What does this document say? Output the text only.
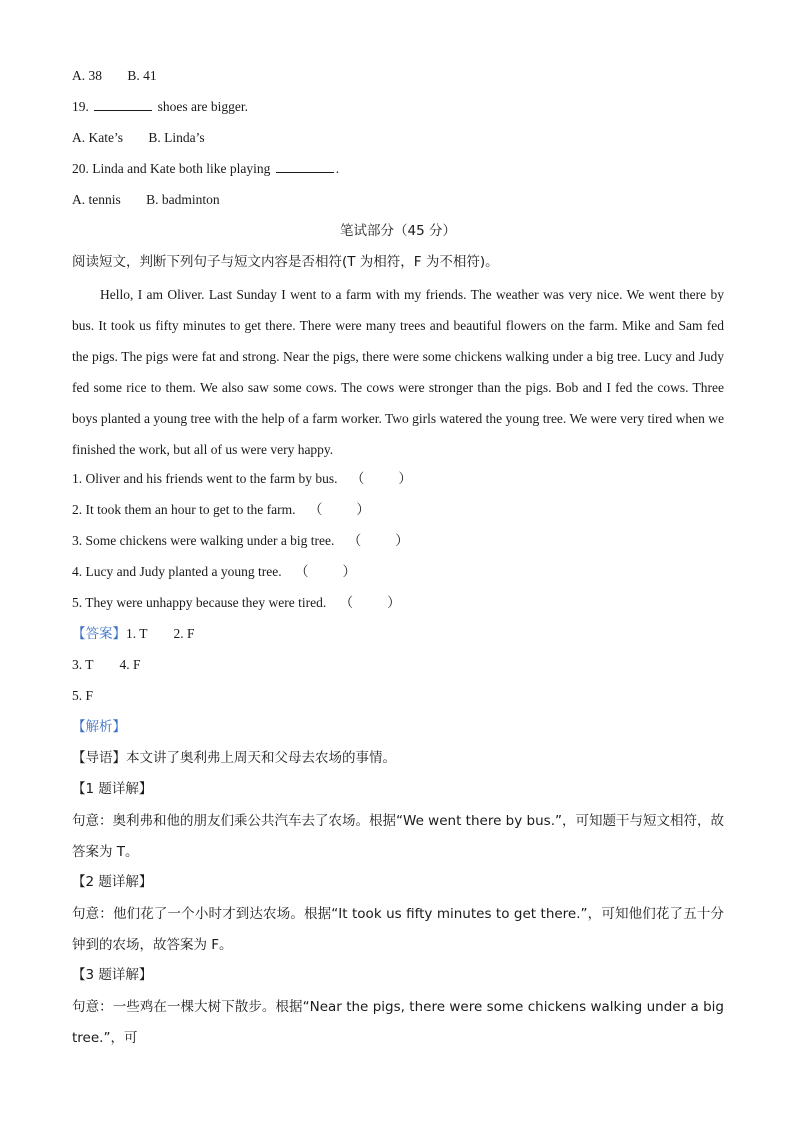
A. 38 B. 41
19.	shoes are bigger.
A. Kate’s B. Linda’s
20. Linda and Kate both like playing	.
A. tennis B. badminton
笔试部分（45 分）
阅读短文，判断下列句子与短文内容是否相符(T 为相符，F 为不相符)。

Hello, I am Oliver. Last Sunday I went to a farm with my friends. The weather was very nice. We went there by bus. It took us fifty minutes to get there. There were many trees and beautiful flowers on the farm. Mike and Sam fed the pigs. The pigs were fat and strong. Near the pigs, there were some chickens walking under a big tree. Lucy and Judy fed some rice to them. We also saw some cows. The cows were stronger than the pigs. Bob and I fed the cows. Three boys planted a young tree with the help of a farm worker. Two girls watered the young tree. We were very tired when we finished the work, but all of us were very happy.

1. Oliver and his friends went to the farm by bus. （	）
2. It took them an hour to get to the farm. （	）
3. Some chickens were walking under a big tree. （	）
4. Lucy and Judy planted a young tree. （	）
5. They were unhappy because they were tired. （	）
【答案】1. T 2. F
3. T 4. F
5. F
【解析】
【导语】本文讲了奥利弗上周天和父母去农场的事情。
【1 题详解】

句意：奥利弗和他的朋友们乘公共汽车去了农场。根据“We went there by bus.”，可知题干与短文相符，故答案为 T。

【2 题详解】

句意：他们花了一个小时才到达农场。根据“It took us fifty minutes to get there.”，可知他们花了五十分钟到的农场，故答案为 F。

【3 题详解】

句意：一些鸡在一棵大树下散步。根据“Near the pigs, there were some chickens walking under a big tree.”，可
